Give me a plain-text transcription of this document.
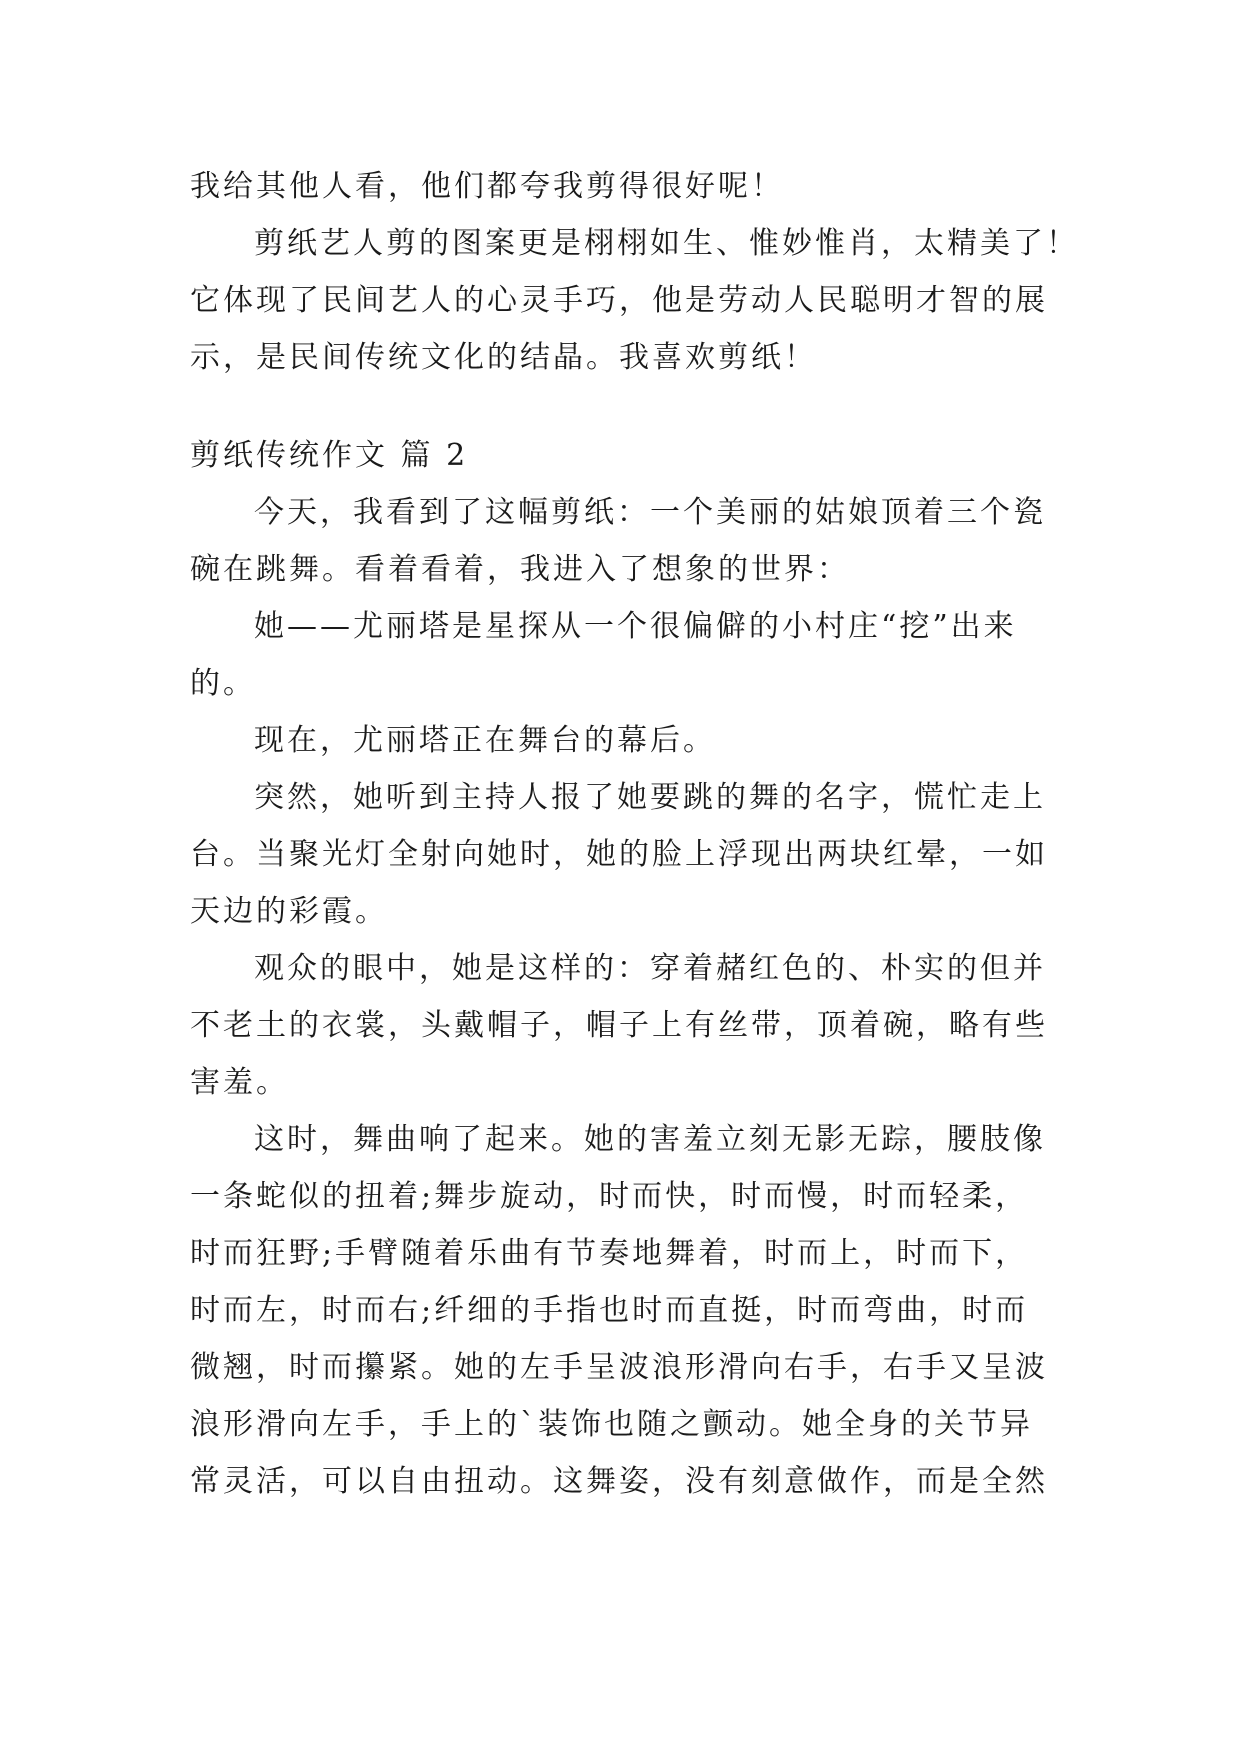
我给其他人看，他们都夸我剪得很好呢！
剪纸艺人剪的图案更是栩栩如生、惟妙惟肖，太精美了！
它体现了民间艺人的心灵手巧，他是劳动人民聪明才智的展
示，是民间传统文化的结晶。我喜欢剪纸！
剪纸传统作文 篇 2
今天，我看到了这幅剪纸：一个美丽的姑娘顶着三个瓷
碗在跳舞。看着看着，我进入了想象的世界：
她——尤丽塔是星探从一个很偏僻的小村庄“挖”出来
的。
现在，尤丽塔正在舞台的幕后。
突然，她听到主持人报了她要跳的舞的名字，慌忙走上
台。当聚光灯全射向她时，她的脸上浮现出两块红晕，一如
天边的彩霞。
观众的眼中，她是这样的：穿着赭红色的、朴实的但并
不老土的衣裳，头戴帽子，帽子上有丝带，顶着碗，略有些
害羞。
这时，舞曲响了起来。她的害羞立刻无影无踪，腰肢像
一条蛇似的扭着;舞步旋动，时而快，时而慢，时而轻柔，
时而狂野;手臂随着乐曲有节奏地舞着，时而上，时而下，
时而左，时而右;纤细的手指也时而直挺，时而弯曲，时而
微翘，时而攥紧。她的左手呈波浪形滑向右手，右手又呈波
浪形滑向左手，手上的`装饰也随之颤动。她全身的关节异
常灵活，可以自由扭动。这舞姿，没有刻意做作，而是全然
